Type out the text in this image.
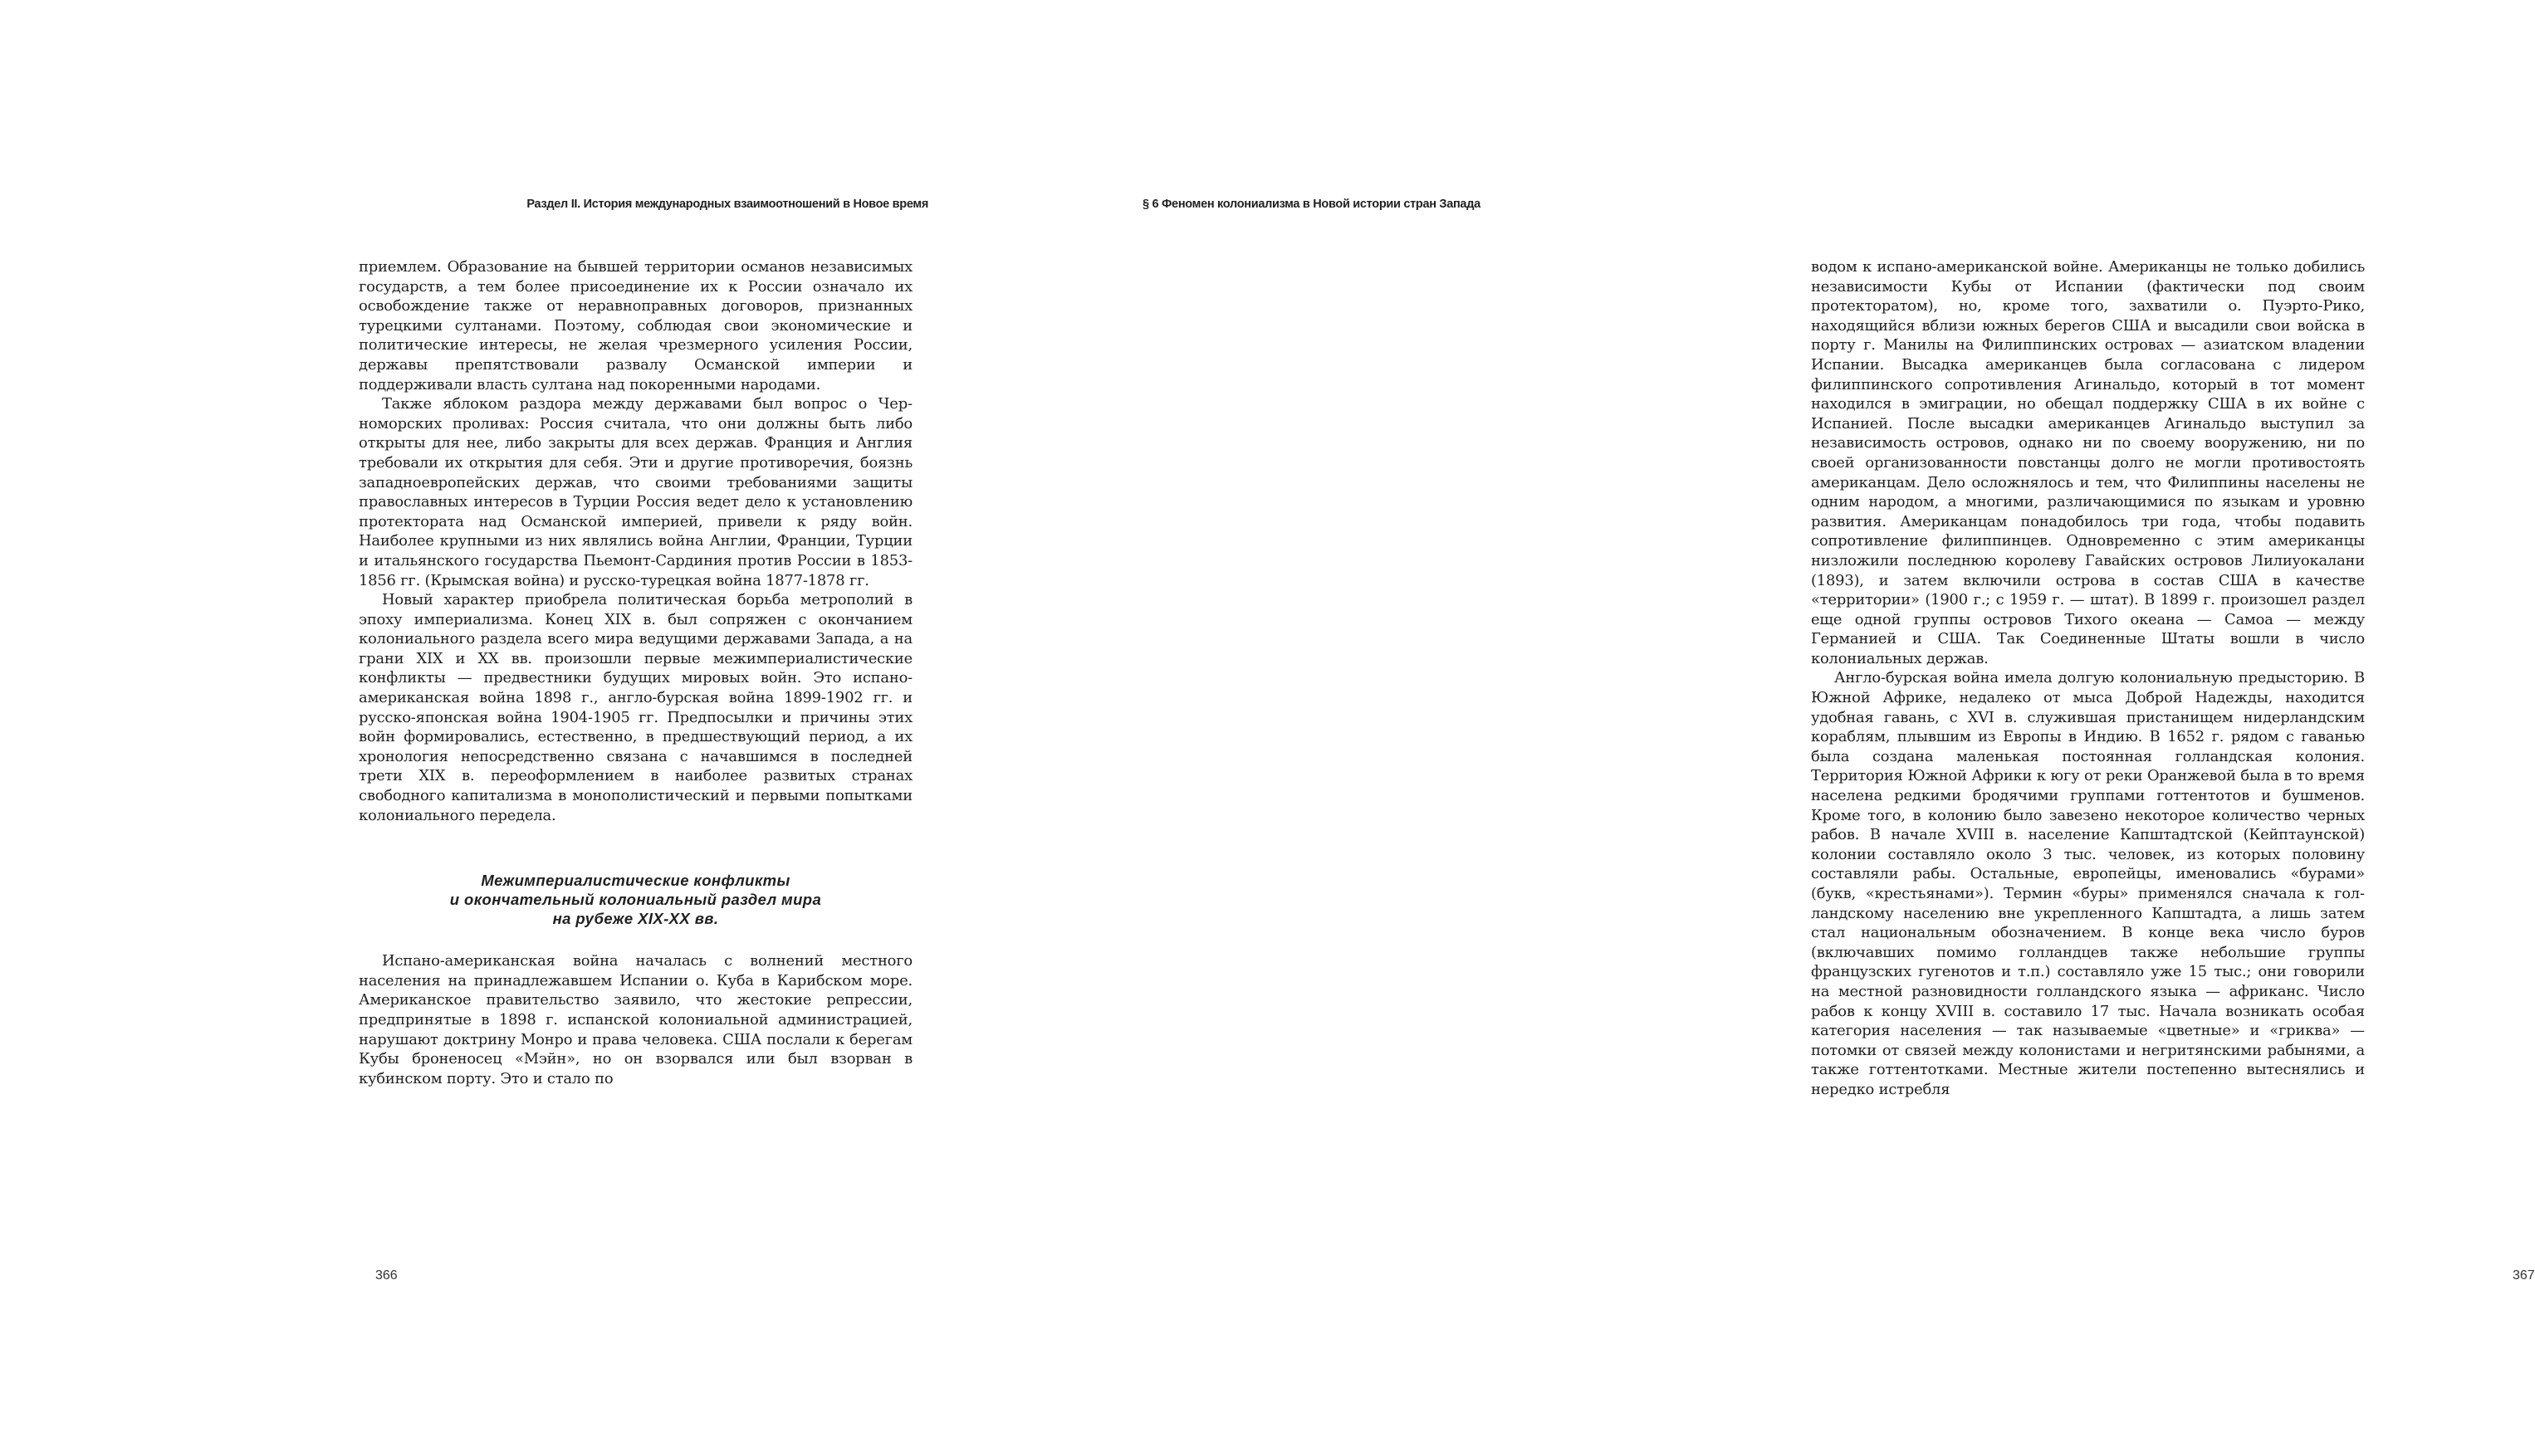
Раздел II. История международных взаимоотношений в Новое время

приемлем. Образование на бывшей территории османов независимых государств, а тем более присоединение их к России означало их освобождение также от неравноправных договоров, признанных турецкими султанами. Поэтому, соблюдая свои экономические и политические интересы, не желая чрезмерного усиления России, державы препятствовали развалу Османской империи и поддерживали власть султана над покоренными народами.

Также яблоком раздора между державами был вопрос о Черноморских проливах: Россия считала, что они должны быть либо открыты для нее, либо закрыты для всех держав. Франция и Англия требовали их открытия для себя. Эти и другие противоречия, боязнь западноевропейских держав, что своими требованиями защиты православных интересов в Турции Россия ведет дело к установлению протектората над Османской империей, привели к ряду войн. Наиболее крупными из них являлись война Англии, Франции, Турции и итальянского государства Пьемонт-Сардиния против России в 1853-1856 гг. (Крымская война) и русско-турецкая война 1877-1878 гг.

Новый характер приобрела политическая борьба метрополий в эпоху империализма. Конец XIX в. был сопряжен с окончанием колониального раздела всего мира ведущими державами Запада, а на грани XIX и XX вв. произошли первые межимпериалистические конфликты — предвестники будущих мировых войн. Это испано-американская война 1898 г., англо-бурская война 1899-1902 гг. и русско-японская война 1904-1905 гг. Предпосылки и причины этих войн формировались, естественно, в предшествующий период, а их хронология непосредственно связана с начавшимся в последней трети XIX в. переоформлением в наиболее развитых странах свободного капитализма в монополистический и первыми попытками колониального передела.

Межимпериалистические конфликты
и окончательный колониальный раздел мира
на рубеже XIX-XX вв.

Испано-американская война началась с волнений местного населения на принадлежавшем Испании о. Куба в Карибском море. Американское правительство заявило, что жестокие репрессии, предпринятые в 1898 г. испанской колониальной администрацией, нарушают доктрину Монро и права человека. США послали к берегам Кубы броненосец «Мэйн», но он взорвался или был взорван в кубинском порту. Это и стало по

366
§ 6 Феномен колониализма в Новой истории стран Запада

водом к испано-американской войне. Американцы не только добились независимости Кубы от Испании (фактически под своим протекторатом), но, кроме того, захватили о. Пуэрто-Рико, находящийся вблизи южных берегов США и высадили свои войска в порту г. Манилы на Филиппинских островах — азиатском владении Испании. Высадка американцев была согласована с лидером филиппинского сопротивления Агинальдо, который в тот момент находился в эмиграции, но обещал поддержку США в их войне с Испанией. После высадки американцев Агинальдо выступил за независимость островов, однако ни по своему вооружению, ни по своей организованности повстанцы долго не могли противостоять американцам. Дело осложнялось и тем, что Филиппины населены не одним народом, а многими, различающимися по языкам и уровню развития. Американцам понадобилось три года, чтобы подавить сопротивление филиппинцев. Одновременно с этим американцы низложили последнюю королеву Гавайских островов Лилиуокалани (1893), и затем включили острова в состав США в качестве «территории» (1900 г.; с 1959 г. — штат). В 1899 г. произошел раздел еще одной группы островов Тихого океана — Самоа — между Германией и США. Так Соединенные Штаты вошли в число колониальных держав.

Англо-бурская война имела долгую колониальную предысторию. В Южной Африке, недалеко от мыса Доброй Надежды, находится удобная гавань, с XVI в. служившая пристанищем нидерландским кораблям, плывшим из Европы в Индию. В 1652 г. рядом с гаванью была создана маленькая постоянная голландская колония. Территория Южной Африки к югу от реки Оранжевой была в то время населена редкими бродячими группами готтентотов и бушменов. Кроме того, в колонию было завезено некоторое количество черных рабов. В начале XVIII в. население Капштадтской (Кейптаунской) колонии составляло около 3 тыс. человек, из которых половину составляли рабы. Остальные, европейцы, именовались «бурами» (букв, «крестьянами»). Термин «буры» применялся сначала к голландскому населению вне укрепленного Капштадта, а лишь затем стал национальным обозначением. В конце века число буров (включавших помимо голландцев также небольшие группы французских гугенотов и т.п.) составляло уже 15 тыс.; они говорили на местной разновидности голландского языка — африканс. Число рабов к концу XVIII в. составило 17 тыс. Начала возникать особая категория населения — так называемые «цветные» и «гриква» — потомки от связей между колонистами и негритянскими рабынями, а также готтентотками. Местные жители постепенно вытеснялись и нередко истребля

367
